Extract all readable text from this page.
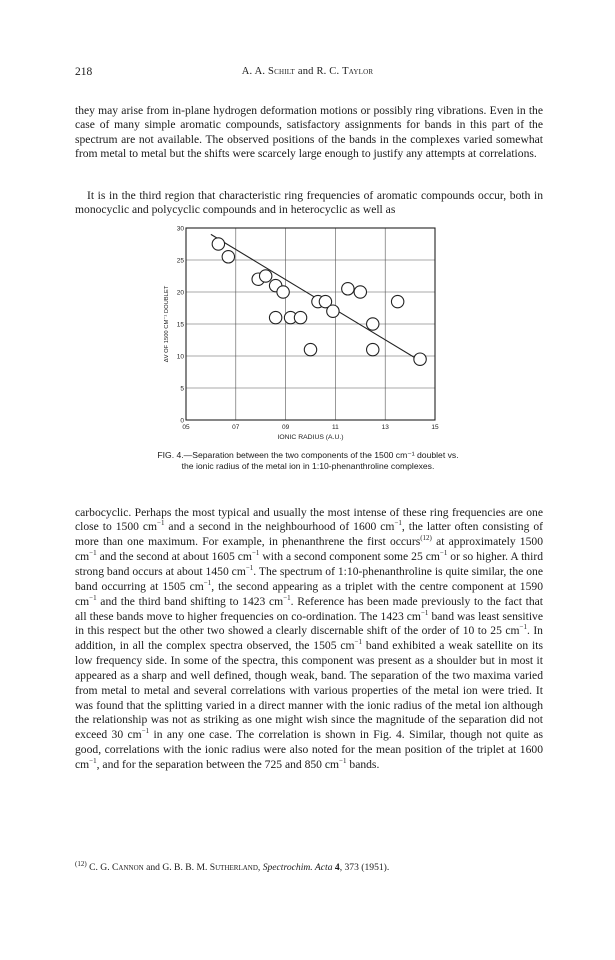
218	A. A. Schilt and R. C. Taylor

they may arise from in-plane hydrogen deformation motions or possibly ring vibrations. Even in the case of many simple aromatic compounds, satisfactory assignments for bands in this part of the spectrum are not available. The observed positions of the bands in the complexes varied somewhat from metal to metal but the shifts were scarcely large enough to justify any attempts at correlations.

It is in the third region that characteristic ring frequencies of aromatic compounds occur, both in monocyclic and polycyclic compounds and in heterocyclic as well as

05	07	09	11	13	15
0
5
10
15
20
25
30
IONIC RADIUS (A.U.)
ΔV OF 1500 CM⁻¹ DOUBLET
FIG. 4.—Separation between the two components of the 1500 cm⁻¹ doublet vs.
the ionic radius of the metal ion in 1:10-phenanthroline complexes.

carbocyclic. Perhaps the most typical and usually the most intense of these ring frequencies are one close to 1500 $cm^{-1}$ and a second in the neighbourhood of 1600 $cm^{-1}$, the latter often consisting of more than one maximum. For example, in phenanthrene the first occurs$^{(12)}$ at approximately 1500 $cm^{-1}$ and the second at about 1605 $cm^{-1}$ with a second component some 25 $cm^{-1}$ or so higher. A third strong band occurs at about 1450 $cm^{-1}$. The spectrum of 1:10-phenanthroline is quite similar, the one band occurring at 1505 $cm^{-1}$, the second appearing as a triplet with the centre component at 1590 $cm^{-1}$ and the third band shifting to 1423 $cm^{-1}$. Reference has been made previously to the fact that all these bands move to higher frequencies on co-ordination. The 1423 $cm^{-1}$ band was least sensitive in this respect but the other two showed a clearly discernable shift of the order of 10 to 25 $cm^{-1}$. In addition, in all the complex spectra observed, the 1505 $cm^{-1}$ band exhibited a weak satellite on its low frequency side. In some of the spectra, this component was present as a shoulder but in most it appeared as a sharp and well defined, though weak, band. The separation of the two maxima varied from metal to metal and several correlations with various properties of the metal ion were tried. It was found that the splitting varied in a direct manner with the ionic radius of the metal ion although the relationship was not as striking as one might wish since the magnitude of the separation did not exceed 30 $cm^{-1}$ in any one case. The correlation is shown in Fig. 4. Similar, though not quite as good, correlations with the ionic radius were also noted for the mean position of the triplet at 1600 $cm^{-1}$, and for the separation between the 725 and 850 $cm^{-1}$ bands.

$^{(12)}$ C. G. Cannon and G. B. B. M. Sutherland, Spectrochim. Acta 4, 373 (1951).
